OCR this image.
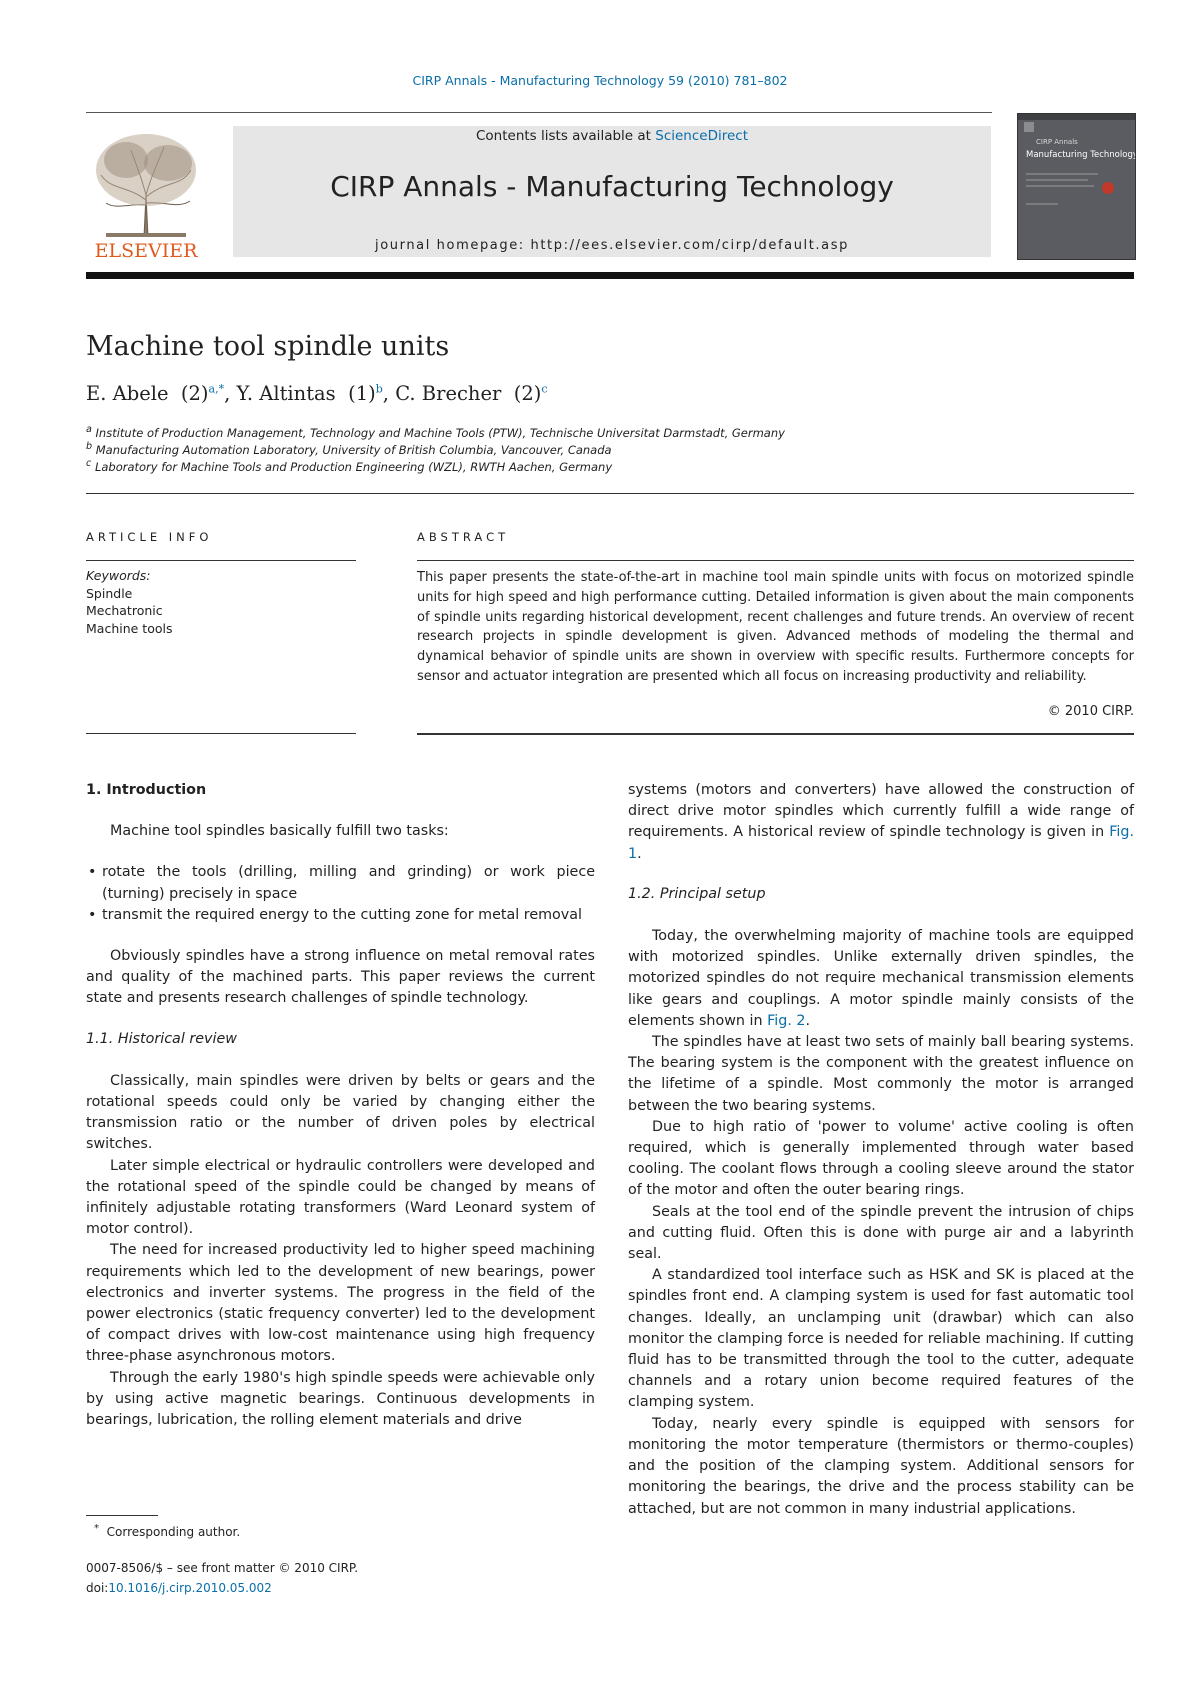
CIRP Annals - Manufacturing Technology 59 (2010) 781–802
ELSEVIER
Contents lists available at ScienceDirect
CIRP Annals - Manufacturing Technology
journal homepage: http://ees.elsevier.com/cirp/default.asp
CIRP Annals
Manufacturing Technology
Machine tool spindle units
E. Abele $(2)^{a,*}$, Y. Altintas $(1)^b$, C. Brecher $(2)^c$
$^a$ Institute of Production Management, Technology and Machine Tools (PTW), Technische Universitat Darmstadt, Germany
$^b$ Manufacturing Automation Laboratory, University of British Columbia, Vancouver, Canada
$^c$ Laboratory for Machine Tools and Production Engineering (WZL), RWTH Aachen, Germany
ARTICLE INFO	ABSTRACT
Keywords:
Spindle
Mechatronic
Machine tools
This paper presents the state-of-the-art in machine tool main spindle units with focus on motorized spindle units for high speed and high performance cutting. Detailed information is given about the main components of spindle units regarding historical development, recent challenges and future trends. An overview of recent research projects in spindle development is given. Advanced methods of modeling the thermal and dynamical behavior of spindle units are shown in overview with specific results. Furthermore concepts for sensor and actuator integration are presented which all focus on increasing productivity and reliability.
© 2010 CIRP.
1. Introduction

Machine tool spindles basically fulfill two tasks:

• rotate the tools (drilling, milling and grinding) or work piece (turning) precisely in space
• transmit the required energy to the cutting zone for metal removal

Obviously spindles have a strong influence on metal removal rates and quality of the machined parts. This paper reviews the current state and presents research challenges of spindle technology.

1.1. Historical review

Classically, main spindles were driven by belts or gears and the rotational speeds could only be varied by changing either the transmission ratio or the number of driven poles by electrical switches.

Later simple electrical or hydraulic controllers were developed and the rotational speed of the spindle could be changed by means of infinitely adjustable rotating transformers (Ward Leonard system of motor control).

The need for increased productivity led to higher speed machining requirements which led to the development of new bearings, power electronics and inverter systems. The progress in the field of the power electronics (static frequency converter) led to the development of compact drives with low-cost maintenance using high frequency three-phase asynchronous motors.

Through the early 1980's high spindle speeds were achievable only by using active magnetic bearings. Continuous developments in bearings, lubrication, the rolling element materials and drive

systems (motors and converters) have allowed the construction of direct drive motor spindles which currently fulfill a wide range of requirements. A historical review of spindle technology is given in Fig. 1.

1.2. Principal setup

Today, the overwhelming majority of machine tools are equipped with motorized spindles. Unlike externally driven spindles, the motorized spindles do not require mechanical transmission elements like gears and couplings. A motor spindle mainly consists of the elements shown in Fig. 2.

The spindles have at least two sets of mainly ball bearing systems. The bearing system is the component with the greatest influence on the lifetime of a spindle. Most commonly the motor is arranged between the two bearing systems.

Due to high ratio of 'power to volume' active cooling is often required, which is generally implemented through water based cooling. The coolant flows through a cooling sleeve around the stator of the motor and often the outer bearing rings.

Seals at the tool end of the spindle prevent the intrusion of chips and cutting fluid. Often this is done with purge air and a labyrinth seal.

A standardized tool interface such as HSK and SK is placed at the spindles front end. A clamping system is used for fast automatic tool changes. Ideally, an unclamping unit (drawbar) which can also monitor the clamping force is needed for reliable machining. If cutting fluid has to be transmitted through the tool to the cutter, adequate channels and a rotary union become required features of the clamping system.

Today, nearly every spindle is equipped with sensors for monitoring the motor temperature (thermistors or thermo-couples) and the position of the clamping system. Additional sensors for monitoring the bearings, the drive and the process stability can be attached, but are not common in many industrial applications.

* Corresponding author.
0007-8506/$ – see front matter © 2010 CIRP.
doi:10.1016/j.cirp.2010.05.002
